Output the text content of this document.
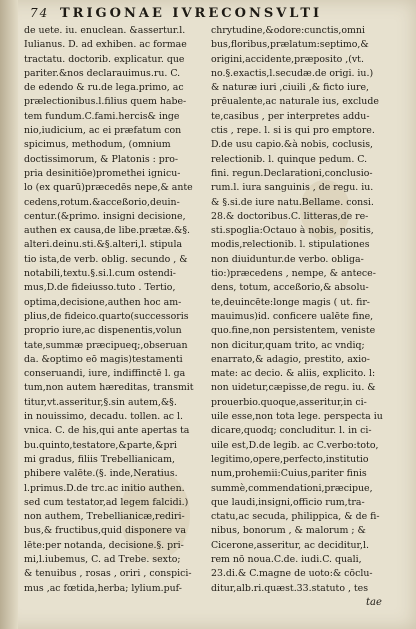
74 TRIGONAE IVRECONSVLTI
de uete. iu. enuclean. &assertur.l.
Iulianus. D. ad exhiben. ac formae
tractatu. doctorib. explicatur. que
pariter.&nos declarauimus.ru. C.
de edendo & ru.de lega.primo, ac
prælectionibus.l.filius quem habe-
tem fundum.C.fami.hercis& inge
nio,iudicium, ac ei præfatum con
spicimus, methodum, (omnium
doctissimorum, & Platonis : pro-
pria desinitiōe)promethei ignicu-
lo (ex quarū)præcedēs nepe,& ante
cedens,rotum.&acceßorio,deuin-
centur.(&primo. insigni decisione,
authen ex causa,de libe.prætæ.&§.
alteri.deinu.sti.&§.alteri,l. stipula
tio ista,de verb. oblig. secundo , &
notabili,textu.§.si.l.cum ostendi-
mus,D.de fideiusso.tuto . Tertio,
optima,decisione,authen hoc am-
plius,de fideico.quarto(successoris
proprio iure,ac dispenentis,volun
tate,summæ præcipueq;,obseruan
da. &optimo eō magis)testamenti
conseruandi, iure, indiffinctē l. ga
tum,non autem hæreditas, transmit
titur,vt.asseritur,§.sin autem,&§.
in nouissimo, decadu. tollen. ac l.
vnica. C. de his,qui ante apertas ta
bu.quinto,testatore,&parte,&pri
mi gradus, filiis Trebellianicam,
phibere valēte.(§. inde,Neratius.
l.primus.D.de trc.ac initio authen.
sed cum testator,ad legem falcidi.)
non authem, Trebellianicæ,rediri-
bus,& fructibus,quid disponere va
lēte:per notanda, decisione.§. pri-
mi,l.iubemus, C. ad Trebe. sexto;
& tenuibus , rosas , oriri , conspici-
mus ,ac fœtida,herba; lylium.puf-
chrytudine,&odore:cunctis,omni
bus,floribus,prælatum:septimo,&
origini,accidente,præposito ,(vt.
no.§.exactis,l.secudæ.de origi. iu.)
& naturæ iuri ,ciuili ,& ficto iure,
prēualente,ac naturale ius, exclude
te,casibus , per interpretes addu-
ctis , repe. l. si is qui pro emptore.
D.de usu capio.&à nobis, coclusis,
relectionib. l. quinque pedum. C.
fini. regun.Declarationi,conclusio-
rum.l. iura sanguinis , de regu. iu.
& §.si.de iure natu.Bellame. consi.
28.& doctoribus.C. litteras,de re-
sti.spoglia:Octauo à nobis, positis,
modis,relectionib. l. stipulationes
non diuiduntur.de verbo. obliga-
tio:)præcedens , nempe, & antece-
dens, totum, acceßorio,& absolu-
te,deuincēte:longe magis ( ut. fir-
mauimus)id. conficere ualēte fine,
quo.fine,non persistentem, veniste
non dicitur,quam trito, ac vndiq;
enarrato,& adagio, prestito, axio-
mate: ac decio. & aliis, explicito. l:
non uidetur,cæpisse,de regu. iu. &
prouerbio.quoque,asseritur,in ci-
uile esse,non tota lege. perspecta iu
dicare,quodq; concluditur. l. in ci-
uile est,D.de legib. ac C.verbo:toto,
legitimo,opere,perfecto,institutio
num,prohemii:Cuius,pariter finis
summè,commendationi,præcipue,
que laudi,insigni,officio rum,tra-
ctatu,ac secuda, philippica, & de fi-
nibus, bonorum , & malorum ; &
Cicerone,asseritur, ac deciditur,l.
rem nō noua.C.de. iudi.C. quali,
23.di.& C.magne de uoto:& cōclu-
ditur,alb.ri.quæst.33.statuto , tes
tae
